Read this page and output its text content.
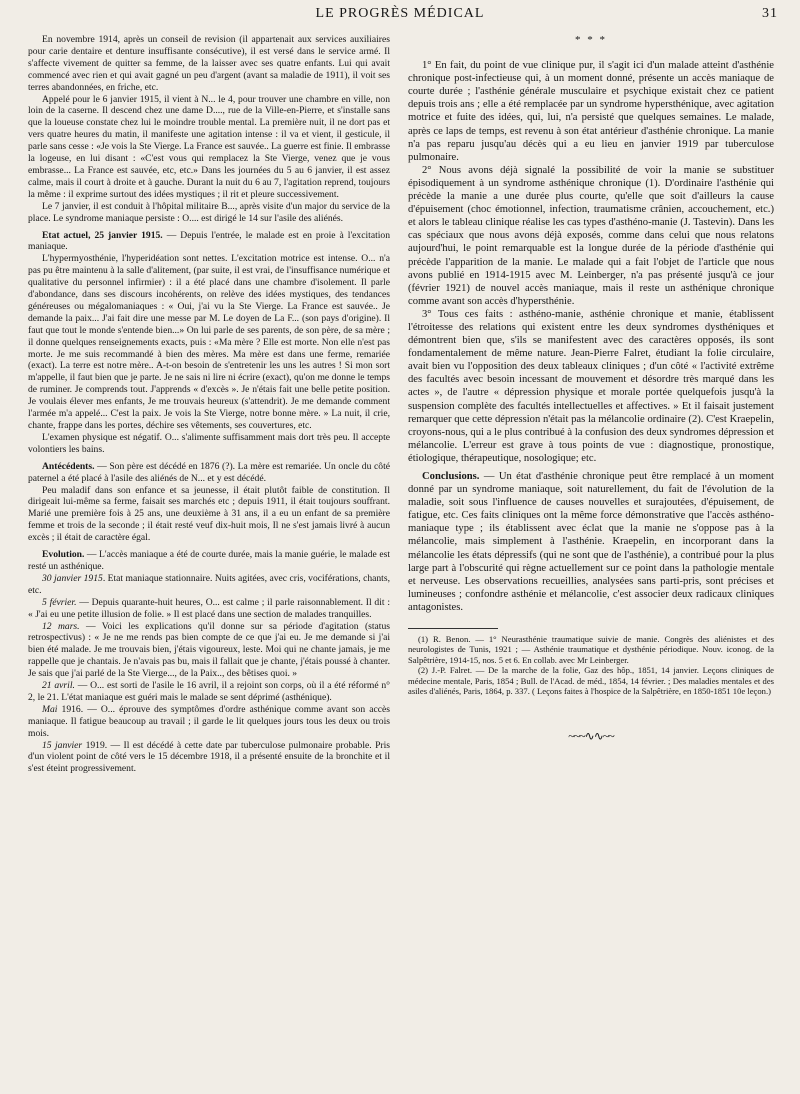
LE PROGRÈS MÉDICAL	31

En novembre 1914, après un conseil de revision (il appartenait aux services auxiliaires pour carie dentaire et denture insuffisante consécutive), il est versé dans le service armé. Il s'affecte vivement de quitter sa femme, de la laisser avec ses quatre enfants. Lui qui avait commencé avec rien et qui avait gagné un peu d'argent (avant sa maladie de 1911), il voit ses terres abandonnées, en friche, etc.

Appelé pour le 6 janvier 1915, il vient à N... le 4, pour trouver une chambre en ville, non loin de la caserne. Il descend chez une dame D...., rue de la Ville-en-Pierre, et s'installe sans que la loueuse constate chez lui le moindre trouble mental. La première nuit, il ne dort pas et vers quatre heures du matin, il manifeste une agitation intense : il va et vient, il gesticule, il parle sans cesse : «Je vois la Ste Vierge. La France est sauvée.. La guerre est finie. Il embrasse la logeuse, en lui disant : «C'est vous qui remplacez la Ste Vierge, venez que je vous embrasse... La France est sauvée, etc, etc.» Dans les journées du 5 au 6 janvier, il est assez calme, mais il court à droite et à gauche. Durant la nuit du 6 au 7, l'agitation reprend, toujours la même : il exprime surtout des idées mystiques ; il rit et pleure successivement.

Le 7 janvier, il est conduit à l'hôpital militaire B..., après visite d'un major du service de la place. Le syndrome maniaque persiste : O.... est dirigé le 14 sur l'asile des aliénés.

Etat actuel, 25 janvier 1915. — Depuis l'entrée, le malade est en proie à l'excitation maniaque.

L'hypermyosthénie, l'hyperidéation sont nettes. L'excitation motrice est intense. O... n'a pas pu être maintenu à la salle d'alitement, (par suite, il est vrai, de l'insuffisance numérique et qualitative du personnel infirmier) : il a été placé dans une chambre d'isolement. Il parle d'abondance, dans ses discours incohérents, on relève des idées mystiques, des tendances généreuses ou mégalomaniaques : « Oui, j'ai vu la Ste Vierge. La France est sauvée.. Je demande la paix... J'ai fait dire une messe par M. Le doyen de La F... (son pays d'origine). Il faut que tout le monde s'entende bien...» On lui parle de ses parents, de son père, de sa mère ; il donne quelques renseignements exacts, puis : «Ma mère ? Elle est morte. Non elle n'est pas morte. Je me suis recommandé à bien des mères. Ma mère est dans une ferme, remariée (exact). La terre est notre mère.. A-t-on besoin de s'entretenir les uns les autres ! Si mon sort m'appelle, il faut bien que je parte. Je ne sais ni lire ni écrire (exact), qu'on me donne le temps de ruminer. Je comprends tout. J'apprends « d'excès ». Je n'étais fait une belle petite position. Je voulais élever mes enfants, Je me trouvais heureux (s'attendrit). Je me demande comment l'armée m'a appelé... C'est la paix. Je vois la Ste Vierge, notre bonne mère. » La nuit, il crie, chante, frappe dans les portes, déchire ses vêtements, ses couvertures, etc.

L'examen physique est négatif. O... s'alimente suffisamment mais dort très peu. Il accepte volontiers les bains.

Antécédents. — Son père est décédé en 1876 (?). La mère est remariée. Un oncle du côté paternel a été placé à l'asile des aliénés de N... et y est décédé.

Peu maladif dans son enfance et sa jeunesse, il était plutôt faible de constitution. Il dirigeait lui-même sa ferme, faisait ses marchés etc ; depuis 1911, il était toujours souffrant. Marié une première fois à 25 ans, une deuxième à 31 ans, il a eu un enfant de sa première femme et trois de la seconde ; il était resté veuf dix-huit mois, Il ne s'est jamais livré à aucun excès ; il était de caractère égal.

Evolution. — L'accès maniaque a été de courte durée, mais la manie guérie, le malade est resté un asthénique.

30 janvier 1915. Etat maniaque stationnaire. Nuits agitées, avec cris, vociférations, chants, etc.

5 février. — Depuis quarante-huit heures, O... est calme ; il parle raisonnablement. Il dit : « J'ai eu une petite illusion de folie. » Il est placé dans une section de malades tranquilles.

12 mars. — Voici les explications qu'il donne sur sa période d'agitation (status retrospectivus) : « Je ne me rends pas bien compte de ce que j'ai eu. Je me demande si j'ai bien été malade. Je me trouvais bien, j'étais vigoureux, leste. Moi qui ne chante jamais, je me rappelle que je chantais. Je n'avais pas bu, mais il fallait que je chante, j'étais poussé à chanter. Je sais que j'ai parlé de la Ste Vierge..., de la Paix.., des bêtises quoi. »

21 avril. — O... est sorti de l'asile le 16 avril, il a rejoint son corps, où il a été réformé n° 2, le 21. L'état maniaque est guéri mais le malade se sent déprimé (asthénique).

Mai 1916. — O... éprouve des symptômes d'ordre asthénique comme avant son accès maniaque. Il fatigue beaucoup au travail ; il garde le lit quelques jours tous les deux ou trois mois.

15 janvier 1919. — Il est décédé à cette date par tuberculose pulmonaire probable. Pris d'un violent point de côté vers le 15 décembre 1918, il a présenté ensuite de la bronchite et il s'est éteint progressivement.

* * *

1° En fait, du point de vue clinique pur, il s'agit ici d'un malade atteint d'asthénie chronique post-infectieuse qui, à un moment donné, présente un accès maniaque de courte durée ; l'asthénie générale musculaire et psychique existait chez ce patient depuis trois ans ; elle a été remplacée par un syndrome hypersthénique, avec agitation motrice et fuite des idées, qui, lui, n'a persisté que quelques semaines. Le malade, après ce laps de temps, est revenu à son état antérieur d'asthénie chronique. La manie n'a pas reparu jusqu'au décès qui a eu lieu en janvier 1919 par tuberculose pulmonaire.

2° Nous avons déjà signalé la possibilité de voir la manie se substituer épisodiquement à un syndrome asthénique chronique (1). D'ordinaire l'asthénie qui précède la manie a une durée plus courte, qu'elle que soit d'ailleurs la cause d'épuisement (choc émotionnel, infection, traumatisme crânien, accouchement, etc.) et alors le tableau clinique réalise les cas types d'asthéno-manie (J. Tastevin). Dans les cas spéciaux que nous avons déjà exposés, comme dans celui que nous relatons aujourd'hui, le point remarquable est la longue durée de la période d'asthénie qui précède l'apparition de la manie. Le malade qui a fait l'objet de l'article que nous avons publié en 1914-1915 avec M. Leinberger, n'a pas présenté jusqu'à ce jour (février 1921) de nouvel accès maniaque, mais il reste un asthénique chronique comme avant son accès d'hypersthénie.

3° Tous ces faits : asthéno-manie, asthénie chronique et manie, établissent l'étroitesse des relations qui existent entre les deux syndromes dysthéniques et démontrent bien que, s'ils se manifestent avec des caractères opposés, ils sont fondamentalement de même nature. Jean-Pierre Falret, étudiant la folie circulaire, avait bien vu l'opposition des deux tableaux cliniques ; d'un côté « l'activité extrême des facultés avec besoin incessant de mouvement et désordre très marqué dans les actes », de l'autre « dépression physique et morale portée quelquefois jusqu'à la suspension complète des facultés intellectuelles et affectives. » Et il faisait justement remarquer que cette dépression n'était pas la mélancolie ordinaire (2). C'est Kraepelin, croyons-nous, qui a le plus contribué à la confusion des deux syndromes dépression et mélancolie. L'erreur est grave à tous points de vue : diagnostique, pronostique, étiologique, thérapeutique, nosologique; etc.

Conclusions. — Un état d'asthénie chronique peut être remplacé à un moment donné par un syndrome maniaque, soit naturellement, du fait de l'évolution de la maladie, soit sous l'influence de causes nouvelles et surajoutées, d'épuisement, de fatigue, etc. Ces faits cliniques ont la même force démonstrative que l'accès asthéno-maniaque type ; ils établissent avec éclat que la manie ne s'oppose pas à la mélancolie, mais simplement à l'asthénie. Kraepelin, en incorporant dans la mélancolie les états dépressifs (qui ne sont que de l'asthénie), a contribué pour la plus large part à l'obscurité qui règne actuellement sur ce point dans la pathologie mentale et nerveuse. Les observations recueillies, analysées sans parti-pris, sont précises et lumineuses ; confondre asthénie et mélancolie, c'est associer deux radicaux cliniques antagonistes.

(1) R. Benon. — 1° Neurasthénie traumatique suivie de manie. Congrès des aliénistes et des neurologistes de Tunis, 1921 ; — Asthénie traumatique et dysthénie périodique. Nouv. iconog. de la Salpêtrière, 1914-15, nos. 5 et 6. En collab. avec Mr Leinberger.

(2) J.-P. Falret. — De la marche de la folie, Gaz des hôp., 1851, 14 janvier. Leçons cliniques de médecine mentale, Paris, 1854 ; Bull. de l'Acad. de méd., 1854, 14 février. ; Des maladies mentales et des asiles d'aliénés, Paris, 1864, p. 337. ( Leçons faites à l'hospice de la Salpêtrière, en 1850-1851 10e leçon.)

~~~∿∿~~
